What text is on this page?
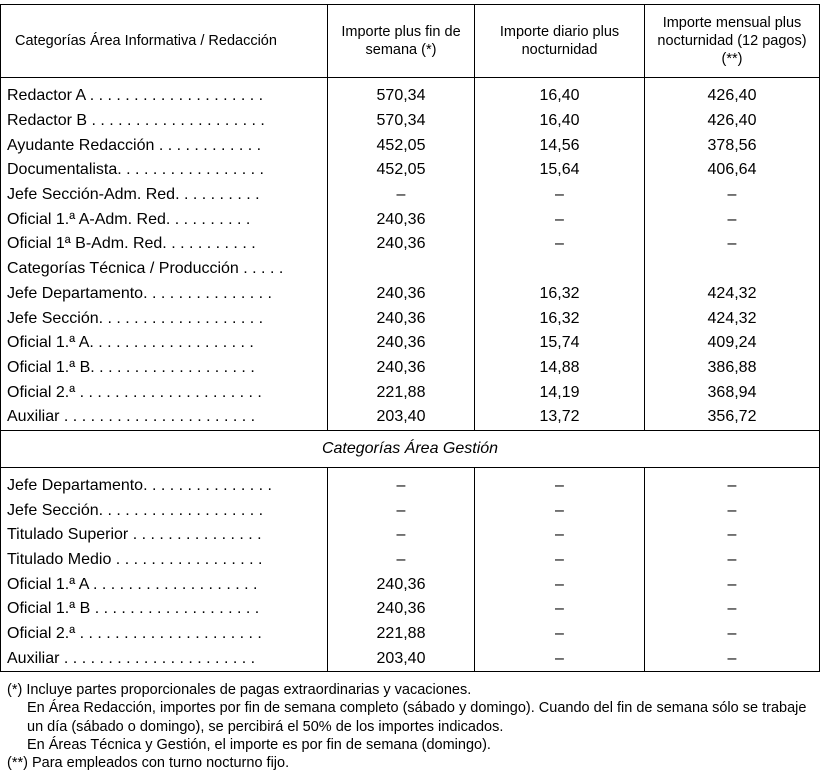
Categorías Área Informativa / Redacción	Importe plus fin de semana (*)	Importe diario plus nocturnidad	Importe mensual plus nocturnidad (12 pagos) (**)
Redactor A . . . . . . . . . . . . . . . . . . . .	570,34	16,40	426,40
Redactor B . . . . . . . . . . . . . . . . . . . .	570,34	16,40	426,40
Ayudante Redacción . . . . . . . . . . . .	452,05	14,56	378,56
Documentalista. . . . . . . . . . . . . . . . .	452,05	15,64	406,64
Jefe Sección-Adm. Red. . . . . . . . . .	–	–	–
Oficial 1.ª A-Adm. Red. . . . . . . . . .	240,36	–	–
Oficial 1ª B-Adm. Red. . . . . . . . . . .	240,36	–	–
Categorías Técnica / Producción . . . . .			
Jefe Departamento. . . . . . . . . . . . . . .	240,36	16,32	424,32
Jefe Sección. . . . . . . . . . . . . . . . . . .	240,36	16,32	424,32
Oficial 1.ª A. . . . . . . . . . . . . . . . . . .	240,36	15,74	409,24
Oficial 1.ª B. . . . . . . . . . . . . . . . . . .	240,36	14,88	386,88
Oficial 2.ª . . . . . . . . . . . . . . . . . . . . .	221,88	14,19	368,94
Auxiliar . . . . . . . . . . . . . . . . . . . . . .	203,40	13,72	356,72
Categorías Área Gestión			
Jefe Departamento. . . . . . . . . . . . . . .	–	–	–
Jefe Sección. . . . . . . . . . . . . . . . . . .	–	–	–
Titulado Superior . . . . . . . . . . . . . . .	–	–	–
Titulado Medio . . . . . . . . . . . . . . . . .	–	–	–
Oficial 1.ª A . . . . . . . . . . . . . . . . . . .	240,36	–	–
Oficial 1.ª B . . . . . . . . . . . . . . . . . . .	240,36	–	–
Oficial 2.ª . . . . . . . . . . . . . . . . . . . . .	221,88	–	–
Auxiliar . . . . . . . . . . . . . . . . . . . . . .	203,40	–	–

(*) Incluye partes proporcionales de pagas extraordinarias y vacaciones.

En Área Redacción, importes por fin de semana completo (sábado y domingo). Cuando del fin de semana sólo se trabaje un día (sábado o domingo), se percibirá el 50% de los importes indicados.

En Áreas Técnica y Gestión, el importe es por fin de semana (domingo).

(**) Para empleados con turno nocturno fijo.
